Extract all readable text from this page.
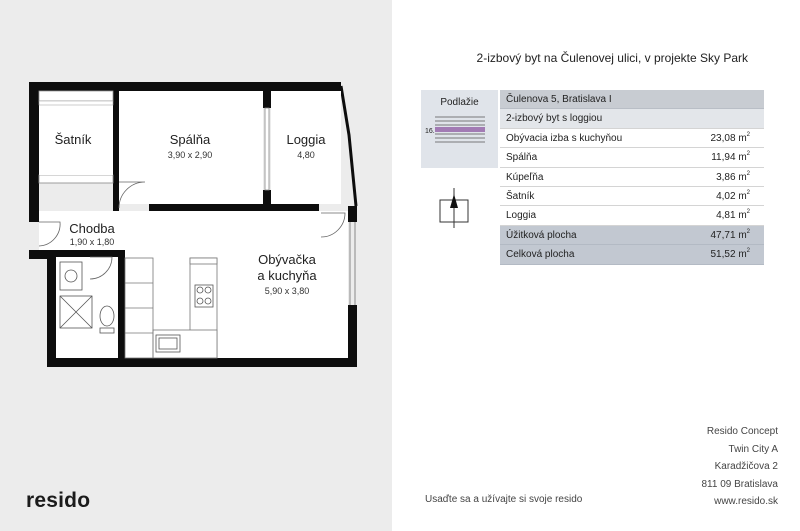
Šatník	Spálňa
3,90 x 2,90
Loggia
4,80
Chodba
1,90 x 1,80
Obývačka
a kuchyňa
5,90 x 3,80
resido
2-izbový byt na Čulenovej ulici, v projekte Sky Park
Podlažie
16.
Čulenova 5, Bratislava I
2-izbový byt s loggiou
Obývacia izba s kuchyňou	23,08 $m^2$
Spálňa	11,94 $m^2$
Kúpeľňa	3,86 $m^2$
Šatník	4,02 $m^2$
Loggia	4,81 $m^2$
Úžitková plocha	47,71 $m^2$
Celková plocha	51,52 $m^2$
Resido Concept
Twin City A
Karadžičova 2
811 09 Bratislava
www.resido.sk
Usaďte sa a užívajte si svoje resido
